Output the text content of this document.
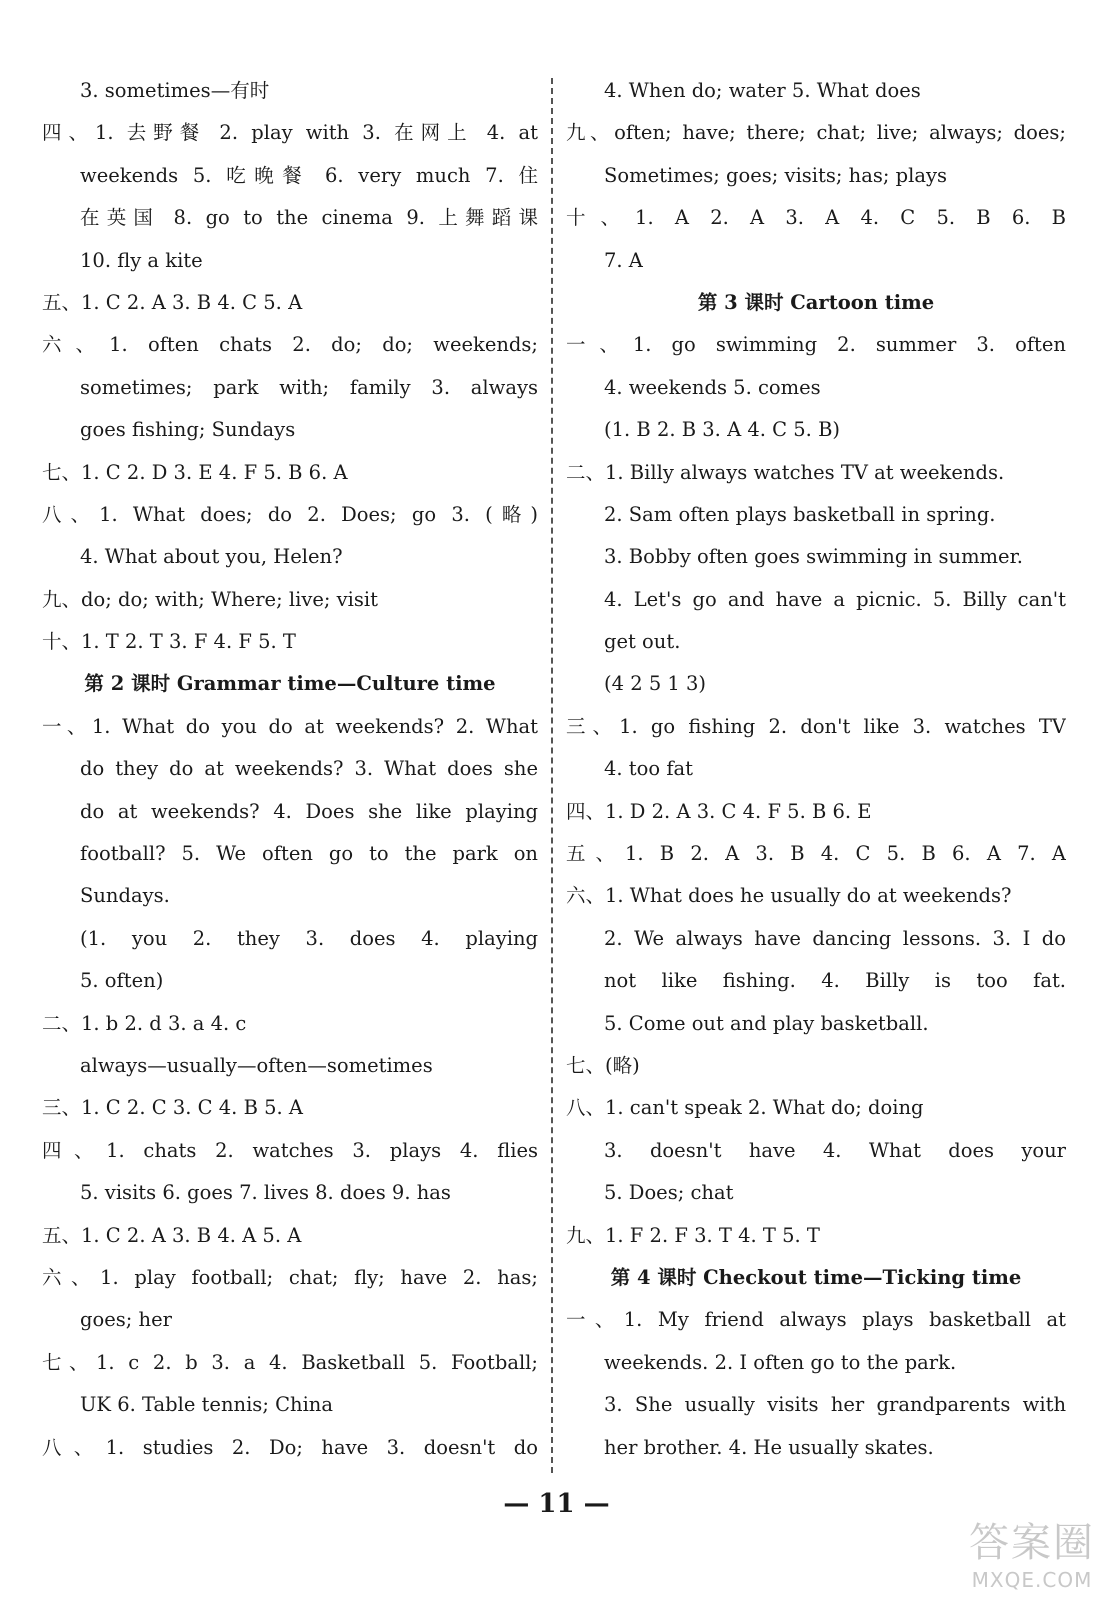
3. sometimes—有时
四、1. 去野餐 2. play with 3. 在网上 4. at
weekends 5. 吃晚餐 6. very much 7. 住
在英国 8. go to the cinema 9. 上舞蹈课
10. fly a kite
五、1. C 2. A 3. B 4. C 5. A
六、1. often chats 2. do; do; weekends;
sometimes; park with; family 3. always
goes fishing; Sundays
七、1. C 2. D 3. E 4. F 5. B 6. A
八、1. What does; do 2. Does; go 3. (略)
4. What about you, Helen?
九、do; do; with; Where; live; visit
十、1. T 2. T 3. F 4. F 5. T
第 2 课时 Grammar time—Culture time
一、1. What do you do at weekends? 2. What
do they do at weekends? 3. What does she
do at weekends? 4. Does she like playing
football? 5. We often go to the park on
Sundays.
(1. you 2. they 3. does 4. playing
5. often)
二、1. b 2. d 3. a 4. c
always—usually—often—sometimes
三、1. C 2. C 3. C 4. B 5. A
四、1. chats 2. watches 3. plays 4. flies
5. visits 6. goes 7. lives 8. does 9. has
五、1. C 2. A 3. B 4. A 5. A
六、1. play football; chat; fly; have 2. has;
goes; her
七、1. c 2. b 3. a 4. Basketball 5. Football;
UK 6. Table tennis; China
八、1. studies 2. Do; have 3. doesn't do
4. When do; water 5. What does
九、often; have; there; chat; live; always; does;
Sometimes; goes; visits; has; plays
十、1. A 2. A 3. A 4. C 5. B 6. B
7. A
第 3 课时 Cartoon time
一、1. go swimming 2. summer 3. often
4. weekends 5. comes
(1. B 2. B 3. A 4. C 5. B)
二、1. Billy always watches TV at weekends.
2. Sam often plays basketball in spring.
3. Bobby often goes swimming in summer.
4. Let's go and have a picnic. 5. Billy can't
get out.
(4 2 5 1 3)
三、1. go fishing 2. don't like 3. watches TV
4. too fat
四、1. D 2. A 3. C 4. F 5. B 6. E
五、1. B 2. A 3. B 4. C 5. B 6. A 7. A
六、1. What does he usually do at weekends?
2. We always have dancing lessons. 3. I do
not like fishing. 4. Billy is too fat.
5. Come out and play basketball.
七、(略)
八、1. can't speak 2. What do; doing
3. doesn't have 4. What does your
5. Does; chat
九、1. F 2. F 3. T 4. T 5. T
第 4 课时 Checkout time—Ticking time
一、1. My friend always plays basketball at
weekends. 2. I often go to the park.
3. She usually visits her grandparents with
her brother. 4. He usually skates.
— 11 —
答案圈
MXQE.COM
